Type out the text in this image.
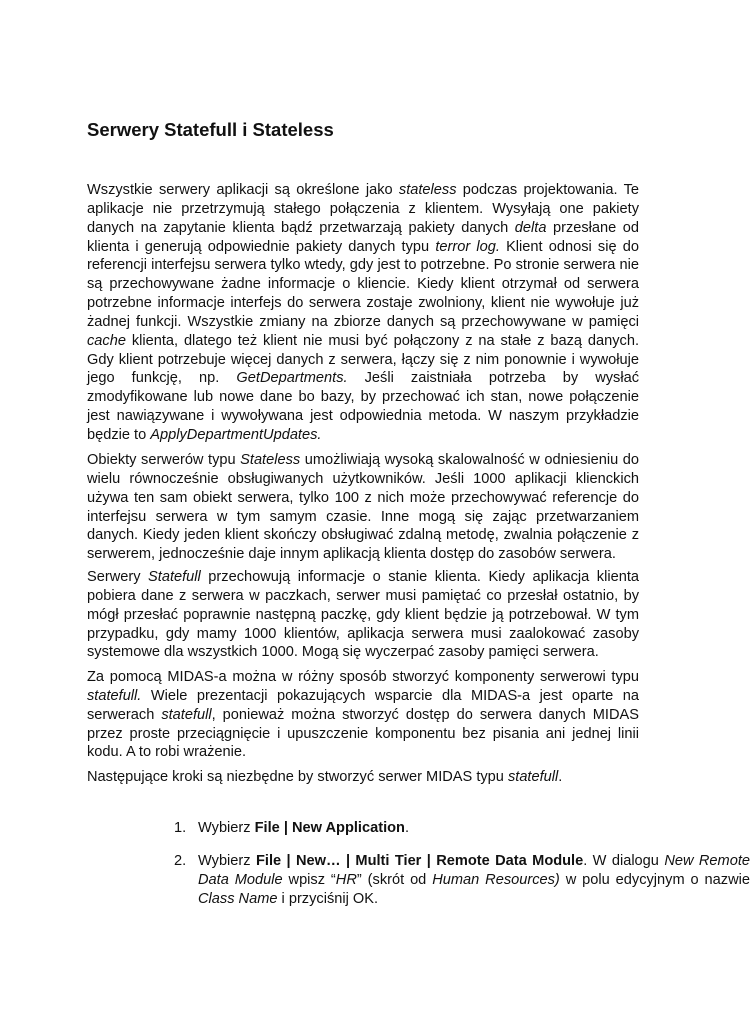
Serwery Statefull i Stateless

Wszystkie serwery aplikacji są określone jako stateless podczas projektowania. Te aplikacje nie przetrzymują stałego połączenia z klientem. Wysyłają one pakiety danych na zapytanie klienta bądź przetwarzają pakiety danych delta przesłane od klienta i generują odpowiednie pakiety danych typu terror log. Klient odnosi się do referencji interfejsu serwera tylko wtedy, gdy jest to potrzebne. Po stronie serwera nie są przechowywane żadne informacje o kliencie. Kiedy klient otrzymał od serwera potrzebne informacje interfejs do serwera zostaje zwolniony, klient nie wywołuje już żadnej funkcji. Wszystkie zmiany na zbiorze danych są przechowywane w pamięci cache klienta, dlatego też klient nie musi być połączony z na stałe z bazą danych. Gdy klient potrzebuje więcej danych z serwera, łączy się z nim ponownie i wywołuje jego funkcję, np. GetDepartments. Jeśli zaistniała potrzeba by wysłać zmodyfikowane lub nowe dane bo bazy, by przechować ich stan, nowe połączenie jest nawiązywane i wywoływana jest odpowiednia metoda. W naszym przykładzie będzie to ApplyDepartmentUpdates.

Obiekty serwerów typu Stateless umożliwiają wysoką skalowalność w odniesieniu do wielu równocześnie obsługiwanych użytkowników. Jeśli 1000 aplikacji klienckich używa ten sam obiekt serwera, tylko 100 z nich może przechowywać referencje do interfejsu serwera w tym samym czasie. Inne mogą się zając przetwarzaniem danych. Kiedy jeden klient skończy obsługiwać zdalną metodę, zwalnia połączenie z serwerem, jednocześnie daje innym aplikacją klienta dostęp do zasobów serwera.

Serwery Statefull przechowują informacje o stanie klienta. Kiedy aplikacja klienta pobiera dane z serwera w paczkach, serwer musi pamiętać co przesłał ostatnio, by mógł przesłać poprawnie następną paczkę, gdy klient będzie ją potrzebował. W tym przypadku, gdy mamy 1000 klientów, aplikacja serwera musi zaalokować zasoby systemowe dla wszystkich 1000. Mogą się wyczerpać zasoby pamięci serwera.

Za pomocą MIDAS-a można w różny sposób stworzyć komponenty serwerowi typu statefull. Wiele prezentacji pokazujących wsparcie dla MIDAS-a jest oparte na serwerach statefull, ponieważ można stworzyć dostęp do serwera danych MIDAS przez proste przeciągnięcie i upuszczenie komponentu bez pisania ani jednej linii kodu. A to robi wrażenie.

Następujące kroki są niezbędne by stworzyć serwer MIDAS typu statefull.

1. Wybierz File | New Application.
2. Wybierz File | New… | Multi Tier | Remote Data Module. W dialogu New Remote Data Module wpisz “HR” (skrót od Human Resources) w polu edycyjnym o nazwie Class Name i przyciśnij OK.
